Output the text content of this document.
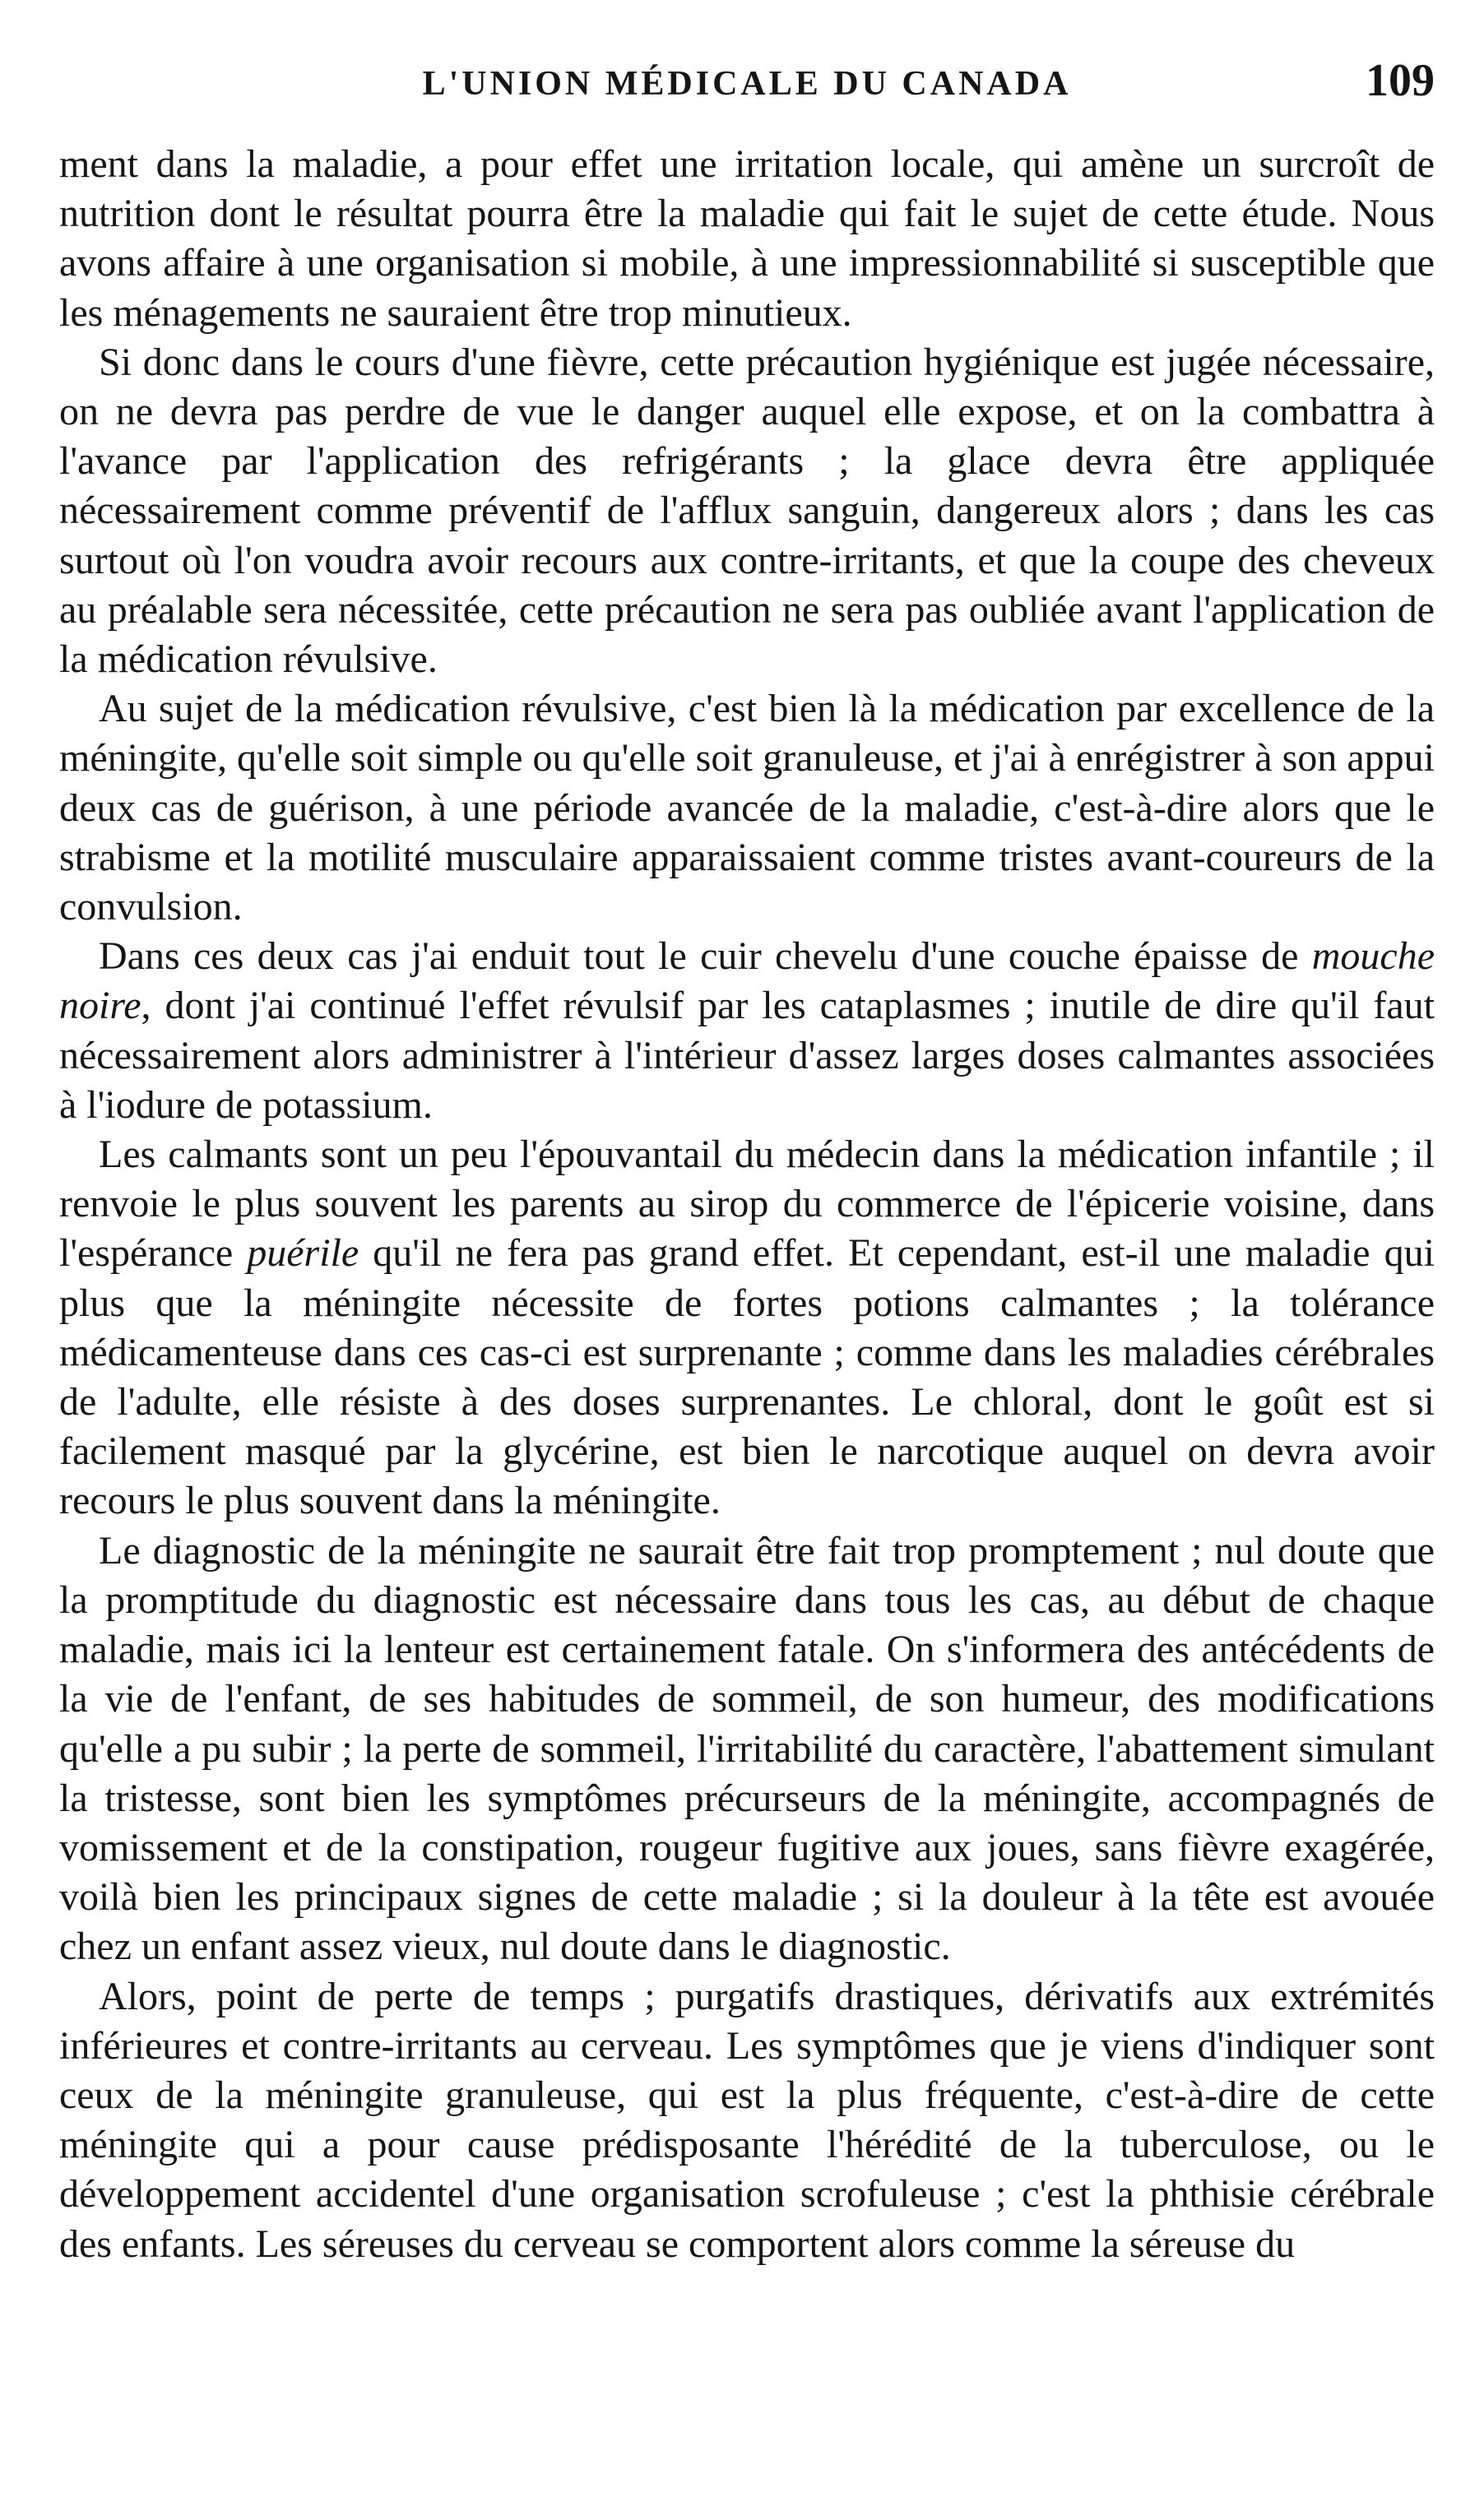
L'UNION MÉDICALE DU CANADA	109

ment dans la maladie, a pour effet une irritation locale, qui amène un surcroît de nutrition dont le résultat pourra être la maladie qui fait le sujet de cette étude. Nous avons affaire à une organisation si mobile, à une impressionnabilité si susceptible que les ménagements ne sauraient être trop minutieux.

Si donc dans le cours d'une fièvre, cette précaution hygiénique est jugée nécessaire, on ne devra pas perdre de vue le danger auquel elle expose, et on la combattra à l'avance par l'application des refrigérants ; la glace devra être appliquée nécessairement comme préventif de l'afflux sanguin, dangereux alors ; dans les cas surtout où l'on voudra avoir recours aux contre-irritants, et que la coupe des cheveux au préalable sera nécessitée, cette précaution ne sera pas oubliée avant l'application de la médication révulsive.

Au sujet de la médication révulsive, c'est bien là la médication par excellence de la méningite, qu'elle soit simple ou qu'elle soit granuleuse, et j'ai à enrégistrer à son appui deux cas de guérison, à une période avancée de la maladie, c'est-à-dire alors que le strabisme et la motilité musculaire apparaissaient comme tristes avant-coureurs de la convulsion.

Dans ces deux cas j'ai enduit tout le cuir chevelu d'une couche épaisse de mouche noire, dont j'ai continué l'effet révulsif par les cataplasmes ; inutile de dire qu'il faut nécessairement alors administrer à l'intérieur d'assez larges doses calmantes associées à l'iodure de potassium.

Les calmants sont un peu l'épouvantail du médecin dans la médication infantile ; il renvoie le plus souvent les parents au sirop du commerce de l'épicerie voisine, dans l'espérance puérile qu'il ne fera pas grand effet. Et cependant, est-il une maladie qui plus que la méningite nécessite de fortes potions calmantes ; la tolérance médicamenteuse dans ces cas-ci est surprenante ; comme dans les maladies cérébrales de l'adulte, elle résiste à des doses surprenantes. Le chloral, dont le goût est si facilement masqué par la glycérine, est bien le narcotique auquel on devra avoir recours le plus souvent dans la méningite.

Le diagnostic de la méningite ne saurait être fait trop promptement ; nul doute que la promptitude du diagnostic est nécessaire dans tous les cas, au début de chaque maladie, mais ici la lenteur est certainement fatale. On s'informera des antécédents de la vie de l'enfant, de ses habitudes de sommeil, de son humeur, des modifications qu'elle a pu subir ; la perte de sommeil, l'irritabilité du caractère, l'abattement simulant la tristesse, sont bien les symptômes précurseurs de la méningite, accompagnés de vomissement et de la constipation, rougeur fugitive aux joues, sans fièvre exagérée, voilà bien les principaux signes de cette maladie ; si la douleur à la tête est avouée chez un enfant assez vieux, nul doute dans le diagnostic.

Alors, point de perte de temps ; purgatifs drastiques, dérivatifs aux extrémités inférieures et contre-irritants au cerveau. Les symptômes que je viens d'indiquer sont ceux de la méningite granuleuse, qui est la plus fréquente, c'est-à-dire de cette méningite qui a pour cause prédisposante l'hérédité de la tuberculose, ou le développement accidentel d'une organisation scrofuleuse ; c'est la phthisie cérébrale des enfants. Les séreuses du cerveau se comportent alors comme la séreuse du
